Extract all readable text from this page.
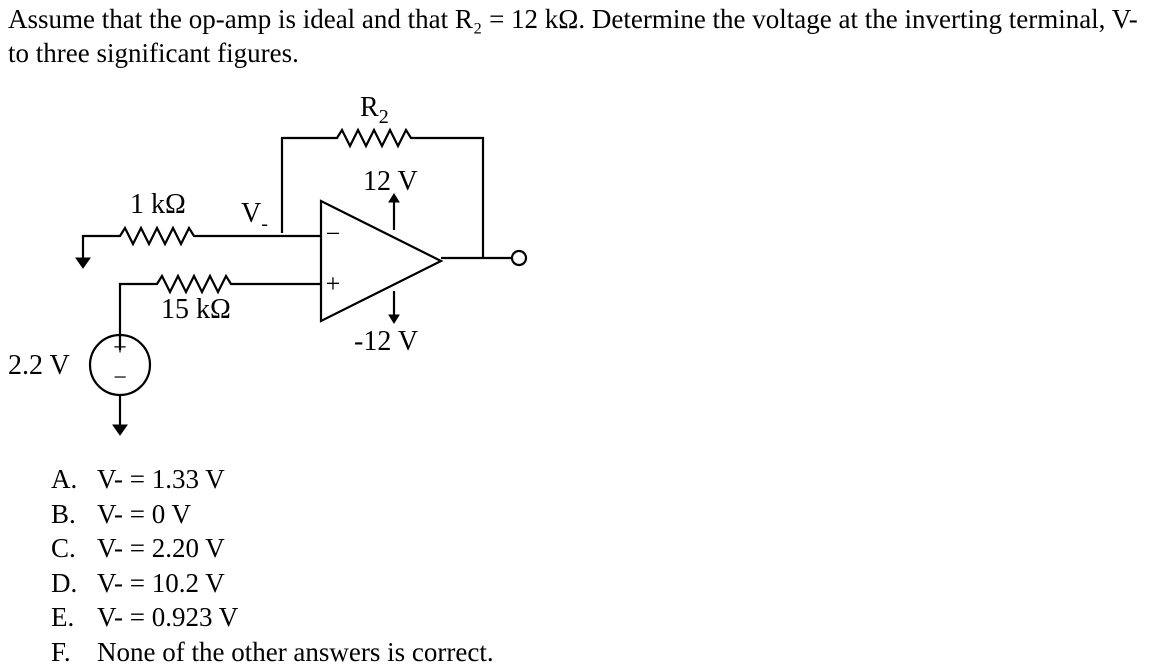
Assume that the op-amp is ideal and that R₂ = 12 kΩ. Determine the voltage at the inverting terminal, V-
to three significant figures.
−
+
+
−
$R_2$
12 V
1 kΩ $V_-$
15 kΩ
-12 V
2.2 V
A. V- = 1.33 V
B. V- = 0 V
C. V- = 2.20 V
D. V- = 10.2 V
E. V- = 0.923 V
F. None of the other answers is correct.
